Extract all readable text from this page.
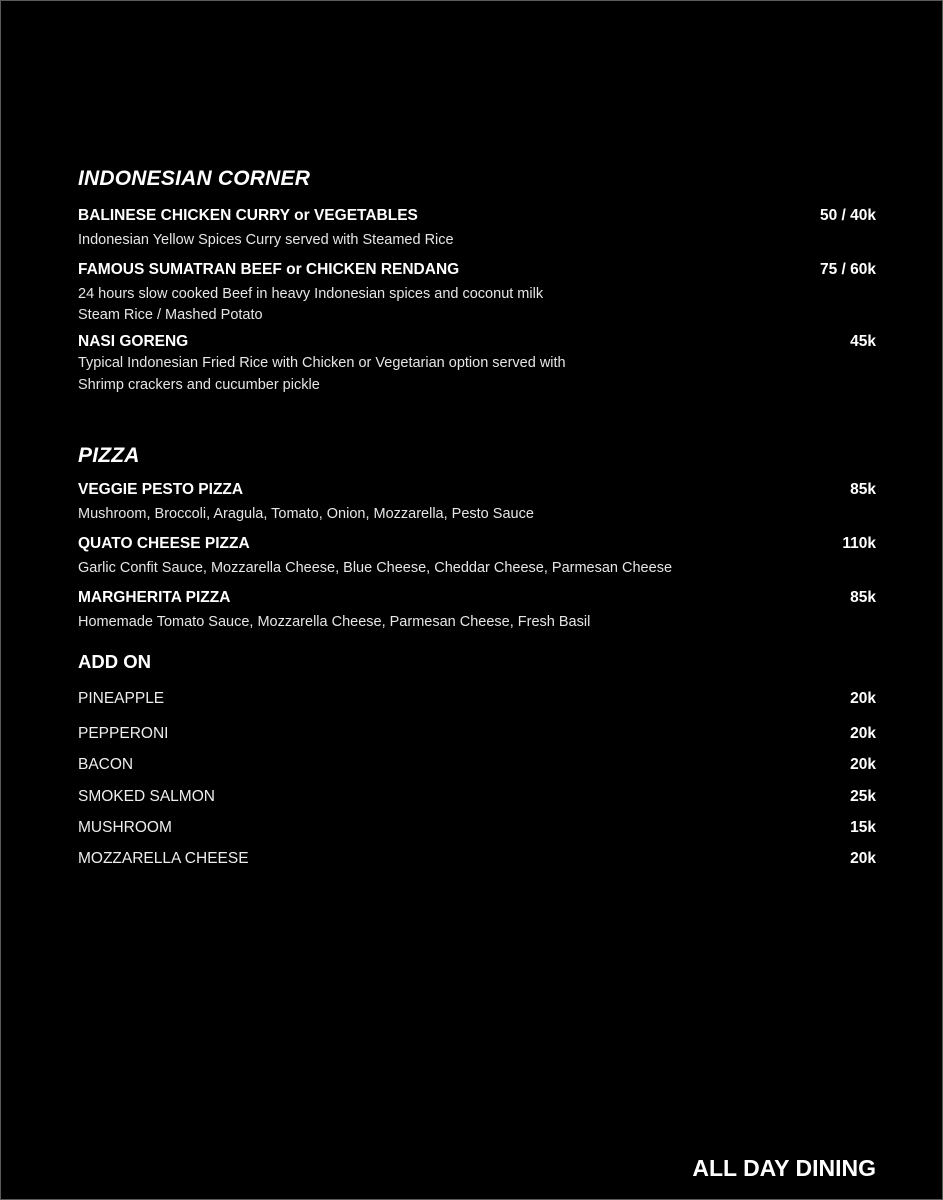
INDONESIAN CORNER
BALINESE CHICKEN CURRY or VEGETABLES	50 / 40k
Indonesian Yellow Spices Curry served with Steamed Rice
FAMOUS SUMATRAN BEEF or CHICKEN RENDANG	75 / 60k
24 hours slow cooked Beef in heavy Indonesian spices and coconut milk
Steam Rice / Mashed Potato
NASI GORENG	45k
Typical Indonesian Fried Rice with Chicken or Vegetarian option served with
Shrimp crackers and cucumber pickle
PIZZA
VEGGIE PESTO PIZZA	85k
Mushroom, Broccoli, Aragula, Tomato, Onion, Mozzarella, Pesto Sauce
QUATO CHEESE PIZZA	110k
Garlic Confit Sauce, Mozzarella Cheese, Blue Cheese, Cheddar Cheese, Parmesan Cheese
MARGHERITA PIZZA	85k
Homemade Tomato Sauce, Mozzarella Cheese, Parmesan Cheese, Fresh Basil
ADD ON
PINEAPPLE	20k
PEPPERONI	20k
BACON	20k
SMOKED SALMON	25k
MUSHROOM	15k
MOZZARELLA CHEESE	20k
ALL DAY DINING
